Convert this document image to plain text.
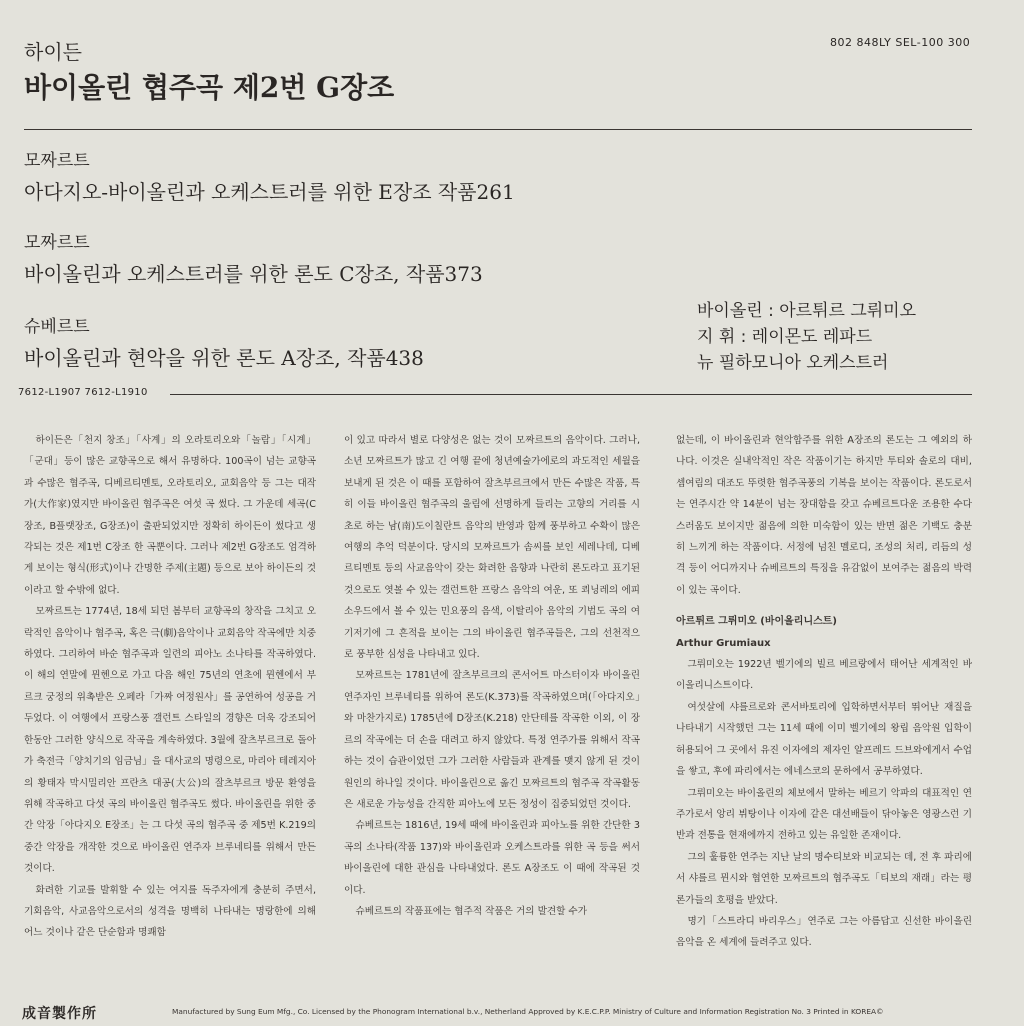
802 848LY SEL-100 300
하이든
바이올린 협주곡 제2번 G장조
모짜르트
아다지오-바이올린과 오케스트러를 위한 E장조 작품261
모짜르트
바이올린과 오케스트러를 위한 론도 C장조, 작품373
슈베르트
바이올린과 현악을 위한 론도 A장조, 작품438
바이올린 : 아르튀르 그뤼미오
지 휘 : 레이몬도 레파드
뉴 필하모니아 오케스트러
7612-L1907 7612-L1910

하이든은「천지 창조」「사계」의 오라토리오와「놀람」「시계」「군대」등이 많은 교향곡으로 해서 유명하다. 100곡이 넘는 교향곡과 수많은 협주곡, 디베르티멘토, 오라토리오, 교회음악 등 그는 대작가(大作家)였지만 바이올린 협주곡은 여섯 곡 썼다. 그 가운데 세곡(C장조, B플랫장조, G장조)이 출판되었지만 정확히 하이든이 썼다고 생각되는 것은 제1번 C장조 한 곡뿐이다. 그러나 제2번 G장조도 엄격하게 보이는 형식(形式)이나 간명한 주제(主題) 등으로 보아 하이든의 것이라고 할 수밖에 없다.

모짜르트는 1774년, 18세 되던 봄부터 교향곡의 창작을 그치고 오락적인 음악이나 협주곡, 혹은 극(劇)음악이나 교회음악 작곡에만 치중하였다. 그리하여 바순 협주곡과 일련의 피아노 소나타를 작곡하였다. 이 해의 연말에 뮌헨으로 가고 다음 해인 75년의 연초에 뮌헨에서 부르크 궁정의 위촉받은 오페라「가짜 여정원사」를 공연하여 성공을 거두었다. 이 여행에서 프랑스풍 갤런트 스타일의 경향은 더욱 강조되어 한동안 그러한 양식으로 작곡을 계속하였다. 3월에 잘츠부르크로 돌아가 축전극「양치기의 임금님」을 대사교의 명령으로, 마리아 테레지아의 황태자 막시밀리안 프란츠 대공(大公)의 잘츠부르크 방문 환영을 위해 작곡하고 다섯 곡의 바이올린 협주곡도 썼다. 바이올린을 위한 중간 악장「아다지오 E장조」는 그 다섯 곡의 협주곡 중 제5번 K.219의 중간 악장을 개작한 것으로 바이올린 연주자 브루네티를 위해서 만든 것이다.

화려한 기교를 발휘할 수 있는 여지를 독주자에게 충분히 주면서, 기회음악, 사교음악으로서의 성격을 명백히 나타내는 명랑한에 의해 어느 것이나 같은 단순함과 명쾌함

이 있고 따라서 별로 다양성은 없는 것이 모짜르트의 음악이다. 그러나, 소년 모짜르트가 많고 긴 여행 끝에 청년예술가에로의 과도적인 세월을 보내게 된 것은 이 때를 포함하여 잘츠부르크에서 만든 수많은 작품, 특히 이들 바이올린 협주곡의 울림에 선명하게 들리는 고향의 거리를 시초로 하는 남(南)도이칠란트 음악의 반영과 함께 풍부하고 수확이 많은 여행의 추억 덕분이다. 당시의 모짜르트가 솜씨를 보인 세레나데, 디베르티멘토 등의 사교음악이 갖는 화려한 음향과 나란히 론도라고 표기된 것으로도 엿볼 수 있는 갤런트한 프랑스 음악의 여운, 또 쾨닝레의 에피소우드에서 볼 수 있는 민요풍의 음색, 이탈리아 음악의 기법도 곡의 여기저기에 그 흔적을 보이는 그의 바이올린 협주곡들은, 그의 선천적으로 풍부한 심성을 나타내고 있다.

모짜르트는 1781년에 잘츠부르크의 콘서어트 마스터이자 바이올린 연주자인 브루네티를 위하여 론도(K.373)를 작곡하였으며(「아다지오」와 마찬가지로) 1785년에 D장조(K.218) 안단테를 작곡한 이외, 이 장르의 작곡에는 더 손을 대려고 하지 않았다. 특정 연주가를 위해서 작곡하는 것이 습관이었던 그가 그러한 사람들과 관계를 맺지 않게 된 것이 원인의 하나일 것이다. 바이올린으로 옮긴 모짜르트의 협주곡 작곡활동은 새로운 가능성을 간직한 피아노에 모든 정성이 집중되었던 것이다.

슈베르트는 1816년, 19세 때에 바이올린과 피아노를 위한 간단한 3곡의 소나타(작품 137)와 바이올린과 오케스트라를 위한 곡 등을 써서 바이올린에 대한 관심을 나타내었다. 론도 A장조도 이 때에 작곡된 것이다.

슈베르트의 작품표에는 협주적 작품은 거의 발견할 수가

없는데, 이 바이올린과 현악합주를 위한 A장조의 론도는 그 예외의 하나다. 이것은 실내악적인 작은 작품이기는 하지만 투티와 솔로의 대비, 셈여림의 대조도 뚜렷한 협주곡풍의 기복을 보이는 작품이다. 론도로서는 연주시간 약 14분이 넘는 장대함을 갖고 슈베르트다운 조용한 수다스러움도 보이지만 젊음에 의한 미숙함이 있는 반면 젊은 기백도 충분히 느끼게 하는 작품이다. 서정에 넘친 멜로디, 조성의 처리, 리듬의 성격 등이 어디까지나 슈베르트의 특징을 유감없이 보여주는 젊음의 박력이 있는 곡이다.

아르튀르 그뤼미오 (바이올리니스트)

Arthur Grumiaux

그뤼미오는 1922년 벨기에의 빌르 베르랑에서 태어난 세계적인 바이올리니스트이다.

여섯살에 샤를르로와 콘서바토리에 입학하면서부터 뛰어난 재질을 나타내기 시작했던 그는 11세 때에 이미 벨기에의 왕립 음악원 입학이 허용되어 그 곳에서 유진 이자에의 제자인 알프레드 드브와에게서 수업을 쌓고, 후에 파리에서는 에네스코의 문하에서 공부하였다.

그뤼미오는 바이올린의 체보에서 말하는 베르기 악파의 대표적인 연주가로서 앙리 뷔탕이나 이자에 같은 대선배들이 닦아놓은 영광스런 기반과 전통을 현재에까지 전하고 있는 유일한 존재이다.

그의 훌륭한 연주는 지난 날의 명수티보와 비교되는 데, 전 후 파리에서 샤를르 뮌시와 협연한 모짜르트의 협주곡도「티보의 재래」라는 평론가들의 호평을 받았다.

명기「스트라디 바리우스」연주로 그는 아름답고 신선한 바이올린 음악을 온 세계에 들려주고 있다.

成音製作所	Manufactured by Sung Eum Mfg., Co. Licensed by the Phonogram International b.v., Netherland Approved by K.E.C.P.P. Ministry of Culture and Information Registration No. 3 Printed in KOREA©
